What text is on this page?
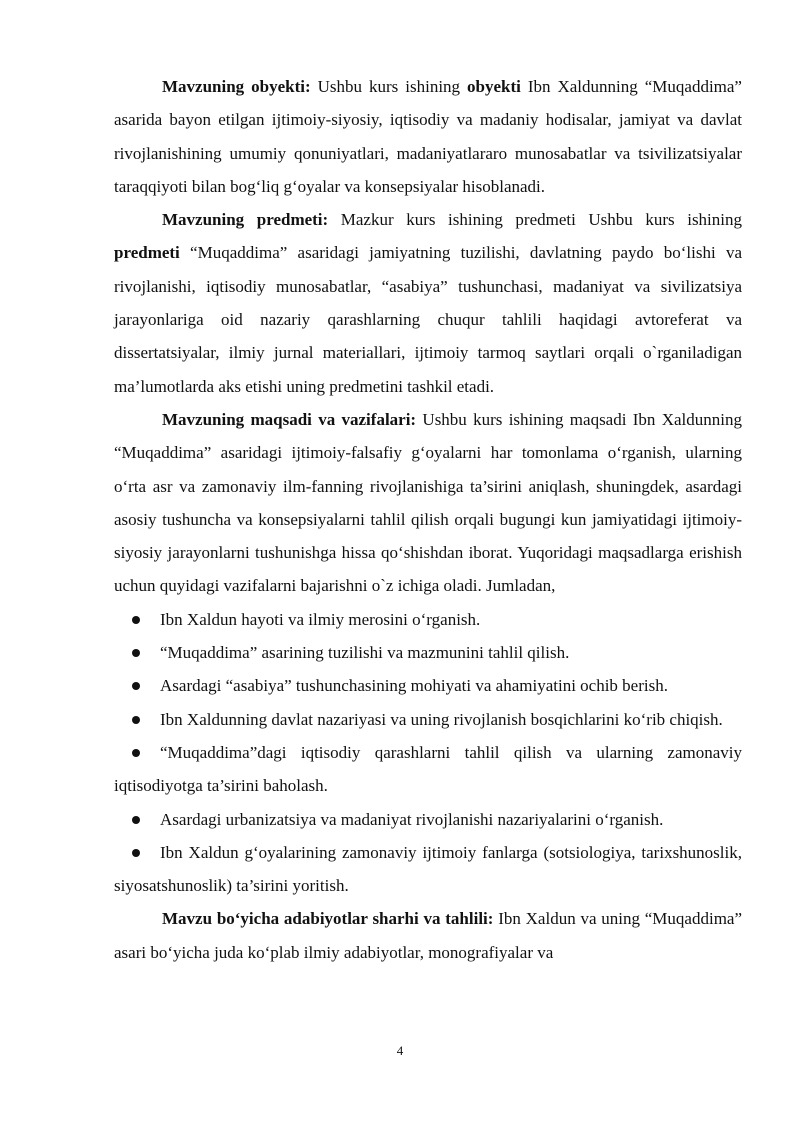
Mavzuning obyekti: Ushbu kurs ishining obyekti Ibn Xaldunning “Muqaddima” asarida bayon etilgan ijtimoiy-siyosiy, iqtisodiy va madaniy hodisalar, jamiyat va davlat rivojlanishining umumiy qonuniyatlari, madaniyatlararo munosabatlar va tsivilizatsiyalar taraqqiyoti bilan bog‘liq g‘oyalar va konsepsiyalar hisoblanadi.

Mavzuning predmeti: Mazkur kurs ishining predmeti Ushbu kurs ishining predmeti “Muqaddima” asaridagi jamiyatning tuzilishi, davlatning paydo bo‘lishi va rivojlanishi, iqtisodiy munosabatlar, “asabiya” tushunchasi, madaniyat va sivilizatsiya jarayonlariga oid nazariy qarashlarning chuqur tahlili haqidagi avtoreferat va dissertatsiyalar, ilmiy jurnal materiallari, ijtimoiy tarmoq saytlari orqali o`rganiladigan ma’lumotlarda aks etishi uning predmetini tashkil etadi.

Mavzuning maqsadi va vazifalari: Ushbu kurs ishining maqsadi Ibn Xaldunning “Muqaddima” asaridagi ijtimoiy-falsafiy g‘oyalarni har tomonlama o‘rganish, ularning o‘rta asr va zamonaviy ilm-fanning rivojlanishiga ta’sirini aniqlash, shuningdek, asardagi asosiy tushuncha va konsepsiyalarni tahlil qilish orqali bugungi kun jamiyatidagi ijtimoiy-siyosiy jarayonlarni tushunishga hissa qo‘shishdan iborat. Yuqoridagi maqsadlarga erishish uchun quyidagi vazifalarni bajarishni o`z ichiga oladi. Jumladan,

Ibn Xaldun hayoti va ilmiy merosini o‘rganish.

“Muqaddima” asarining tuzilishi va mazmunini tahlil qilish.

Asardagi “asabiya” tushunchasining mohiyati va ahamiyatini ochib berish.

Ibn Xaldunning davlat nazariyasi va uning rivojlanish bosqichlarini ko‘rib chiqish.

“Muqaddima”dagi iqtisodiy qarashlarni tahlil qilish va ularning zamonaviy iqtisodiyotga ta’sirini baholash.

Asardagi urbanizatsiya va madaniyat rivojlanishi nazariyalarini o‘rganish.

Ibn Xaldun g‘oyalarining zamonaviy ijtimoiy fanlarga (sotsiologiya, tarixshunoslik, siyosatshunoslik) ta’sirini yoritish.

Mavzu bo‘yicha adabiyotlar sharhi va tahlili: Ibn Xaldun va uning “Muqaddima” asari bo‘yicha juda ko‘plab ilmiy adabiyotlar, monografiyalar va

4
